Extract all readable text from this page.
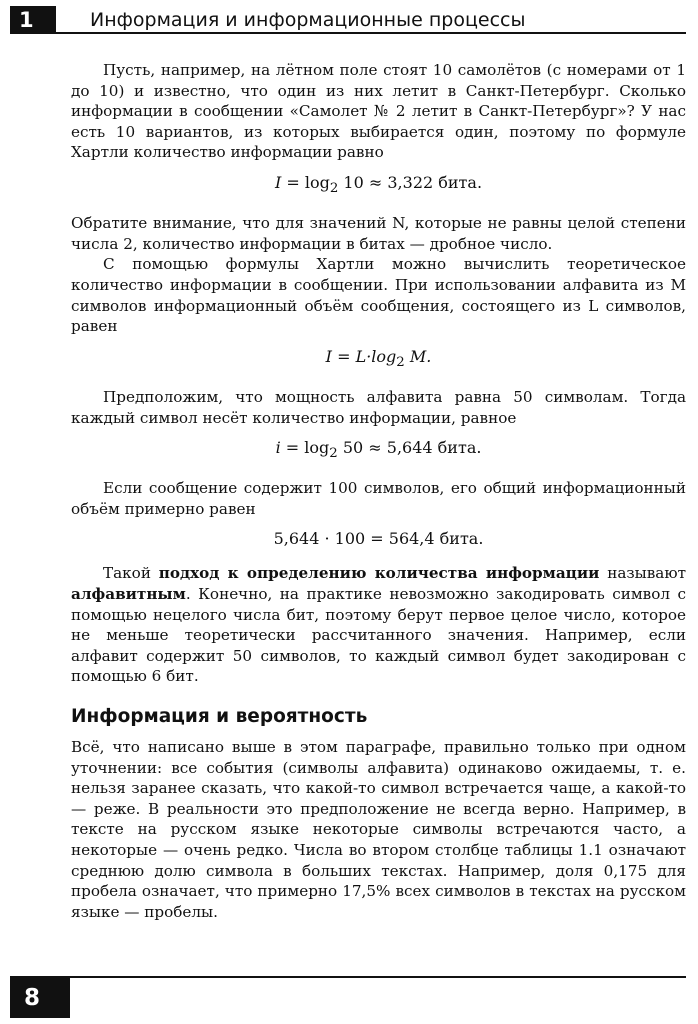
1	Информация и информационные процессы

Пусть, например, на лётном поле стоят 10 самолётов (с номерами от 1 до 10) и известно, что один из них летит в Санкт-Петербург. Сколько информации в сообщении «Самолет № 2 летит в Санкт-Петербург»? У нас есть 10 вариантов, из которых выбирается один, поэтому по формуле Хартли количество информации равно

$I = \log_2 10 \approx 3,322$ бита.

Обратите внимание, что для значений N, которые не равны целой степени числа 2, количество информации в битах — дробное число.

С помощью формулы Хартли можно вычислить теоретическое количество информации в сообщении. При использовании алфавита из M символов информационный объём сообщения, состоящего из L символов, равен

$I = L\cdot\log_2$ M.

Предположим, что мощность алфавита равна 50 символам. Тогда каждый символ несёт количество информации, равное

$i = \log_2 50 \approx 5,644$ бита.

Если сообщение содержит 100 символов, его общий информационный объём примерно равен

5,644 · 100 = 564,4 бита.

Такой подход к определению количества информации называют алфавитным. Конечно, на практике невозможно закодировать символ с помощью нецелого числа бит, поэтому берут первое целое число, которое не меньше теоретически рассчитанного значения. Например, если алфавит содержит 50 символов, то каждый символ будет закодирован с помощью 6 бит.

Информация и вероятность

Всё, что написано выше в этом параграфе, правильно только при одном уточнении: все события (символы алфавита) одинаково ожидаемы, т. е. нельзя заранее сказать, что какой-то символ встречается чаще, а какой-то — реже. В реальности это предположение не всегда верно. Например, в тексте на русском языке некоторые символы встречаются часто, а некоторые — очень редко. Числа во втором столбце таблицы 1.1 означают среднюю долю символа в больших текстах. Например, доля 0,175 для пробела означает, что примерно 17,5% всех символов в текстах на русском языке — пробелы.

8
